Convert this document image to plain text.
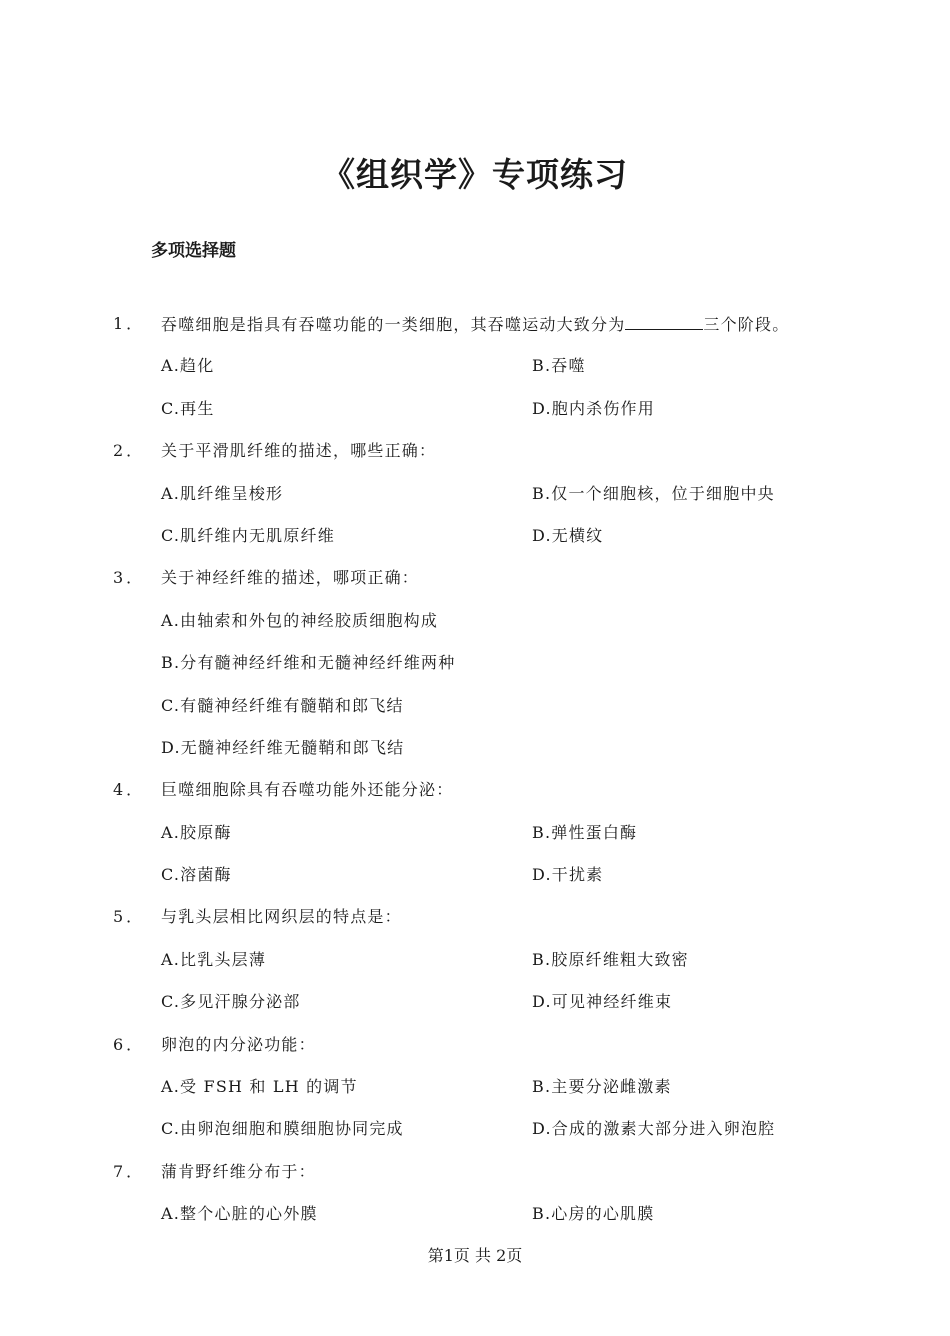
《组织学》专项练习
多项选择题
1． 吞噬细胞是指具有吞噬功能的一类细胞，其吞噬运动大致分为	三个阶段。
A.趋化	B.吞噬
C.再生	D.胞内杀伤作用
2． 关于平滑肌纤维的描述，哪些正确：
A.肌纤维呈梭形	B.仅一个细胞核，位于细胞中央
C.肌纤维内无肌原纤维	D.无横纹
3． 关于神经纤维的描述，哪项正确：
A.由轴索和外包的神经胶质细胞构成
B.分有髓神经纤维和无髓神经纤维两种
C.有髓神经纤维有髓鞘和郎飞结
D.无髓神经纤维无髓鞘和郎飞结
4． 巨噬细胞除具有吞噬功能外还能分泌：
A.胶原酶	B.弹性蛋白酶
C.溶菌酶	D.干扰素
5． 与乳头层相比网织层的特点是：
A.比乳头层薄	B.胶原纤维粗大致密
C.多见汗腺分泌部	D.可见神经纤维束
6． 卵泡的内分泌功能：
A.受 FSH 和 LH 的调节	B.主要分泌雌激素
C.由卵泡细胞和膜细胞协同完成	D.合成的激素大部分进入卵泡腔
7． 蒲肯野纤维分布于：
A.整个心脏的心外膜	B.心房的心肌膜
第1页 共 2页
